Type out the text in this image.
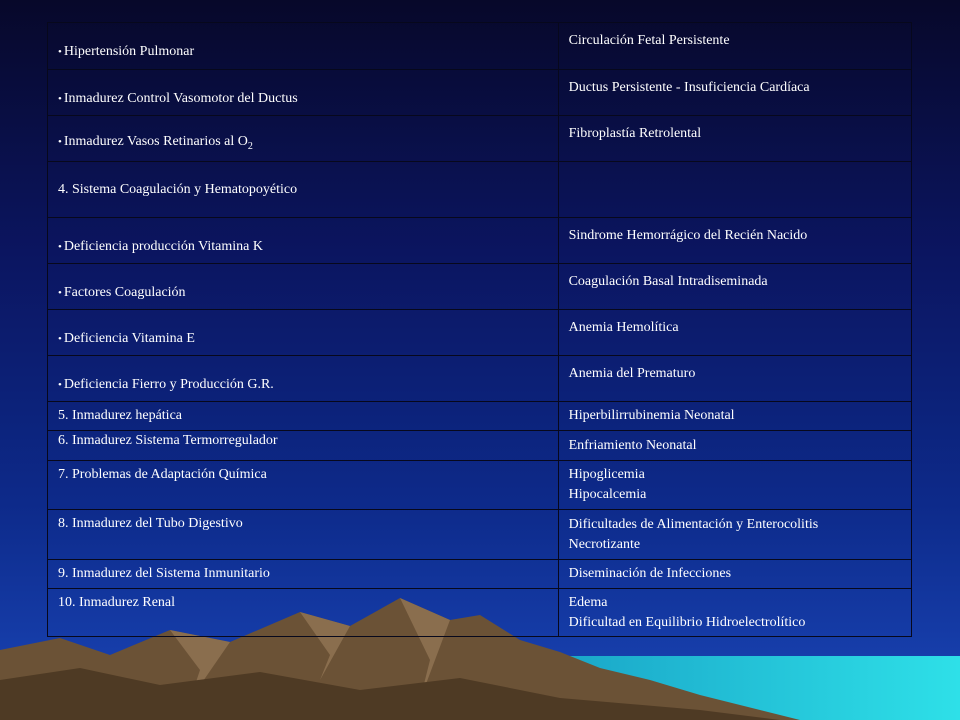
• Hipertensión Pulmonar	Circulación Fetal Persistente

• Inmadurez Control Vasomotor del Ductus	Ductus Persistente - Insuficiencia Cardíaca

• Inmadurez Vasos Retinarios al $O_2$	Fibroplastía Retrolental

4. Sistema Coagulación y Hematopoyético	

• Deficiencia producción Vitamina K	Sindrome Hemorrágico del Recién Nacido

• Factores Coagulación	Coagulación Basal Intradiseminada

• Deficiencia Vitamina E	Anemia Hemolítica

• Deficiencia Fierro y Producción G.R.	Anemia del Prematuro

5. Inmadurez hepática	Hiperbilirrubinemia Neonatal

6. Inmadurez Sistema Termorregulador	Enfriamiento Neonatal

7. Problemas de Adaptación Química	Hipoglicemia
Hipocalcemia

8. Inmadurez del Tubo Digestivo	Dificultades de Alimentación y Enterocolitis
Necrotizante

9. Inmadurez del Sistema Inmunitario	Diseminación de Infecciones

10. Inmadurez Renal	Edema
Dificultad en Equilibrio Hidroelectrolítico
